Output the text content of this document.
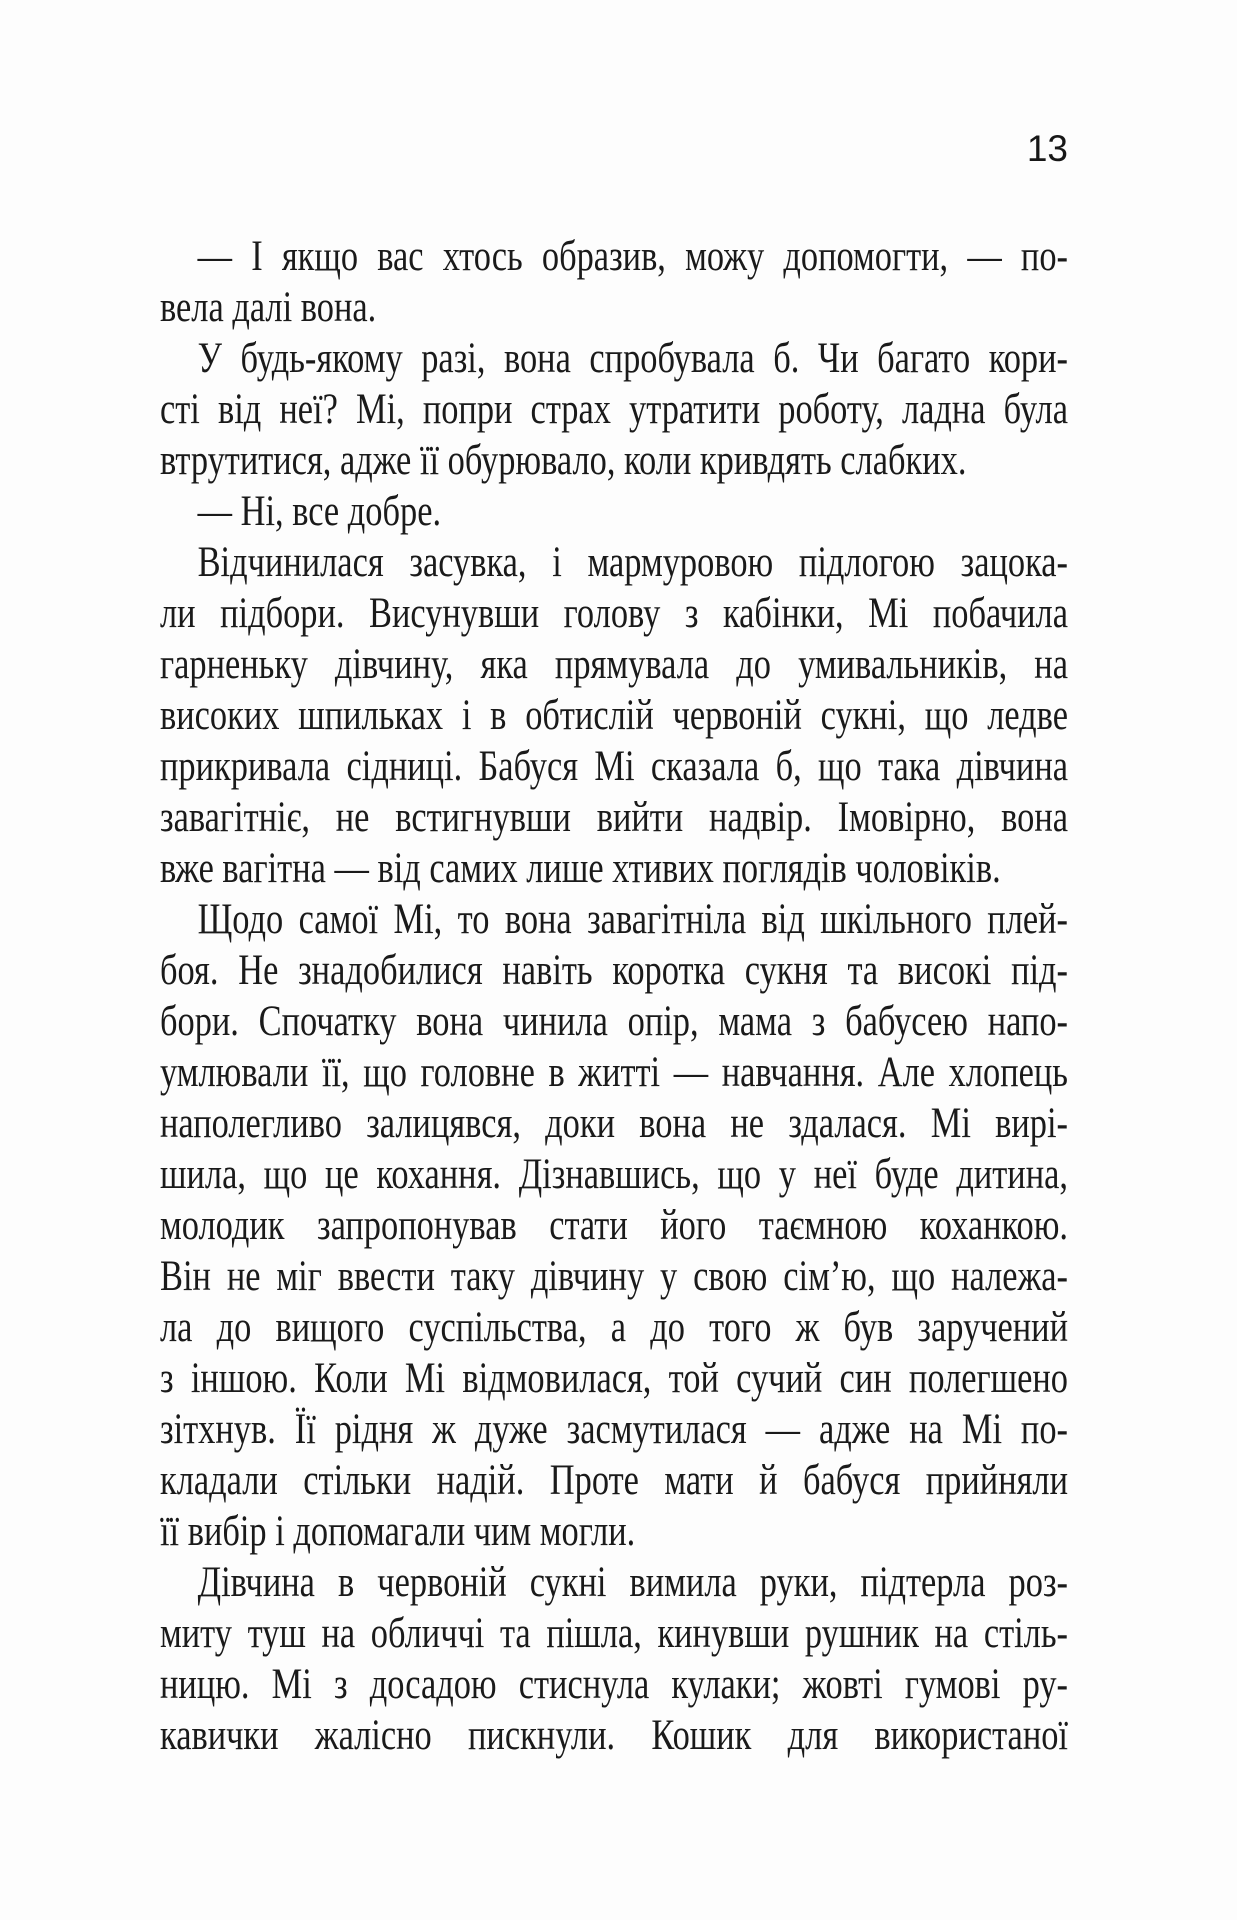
13
— І якщо вас хтось образив, можу допомогти, — по-
вела далі вона.
У будь-якому разі, вона спробувала б. Чи багато кори-
сті від неї? Мі, попри страх утратити роботу, ладна була
втрутитися, адже її обурювало, коли кривдять слабких.
— Ні, все добре.
Відчинилася засувка, і мармуровою підлогою зацока-
ли підбори. Висунувши голову з кабінки, Мі побачила
гарненьку дівчину, яка прямувала до умивальників, на
високих шпильках і в обтислій червоній сукні, що ледве
прикривала сідниці. Бабуся Мі сказала б, що така дівчина
завагітніє, не встигнувши вийти надвір. Імовірно, вона
вже вагітна — від самих лише хтивих поглядів чоловіків.
Щодо самої Мі, то вона завагітніла від шкільного плей-
боя. Не знадобилися навіть коротка сукня та високі під-
бори. Спочатку вона чинила опір, мама з бабусею напо-
умлювали її, що головне в житті — навчання. Але хлопець
наполегливо залицявся, доки вона не здалася. Мі вирі-
шила, що це кохання. Дізнавшись, що у неї буде дитина,
молодик запропонував стати його таємною коханкою.
Він не міг ввести таку дівчину у свою сім’ю, що належа-
ла до вищого суспільства, а до того ж був заручений
з іншою. Коли Мі відмовилася, той сучий син полегшено
зітхнув. Її рідня ж дуже засмутилася — адже на Мі по-
кладали стільки надій. Проте мати й бабуся прийняли
її вибір і допомагали чим могли.
Дівчина в червоній сукні вимила руки, підтерла роз-
миту туш на обличчі та пішла, кинувши рушник на стіль-
ницю. Мі з досадою стиснула кулаки; жовті гумові ру-
кавички жалісно пискнули. Кошик для використаної
